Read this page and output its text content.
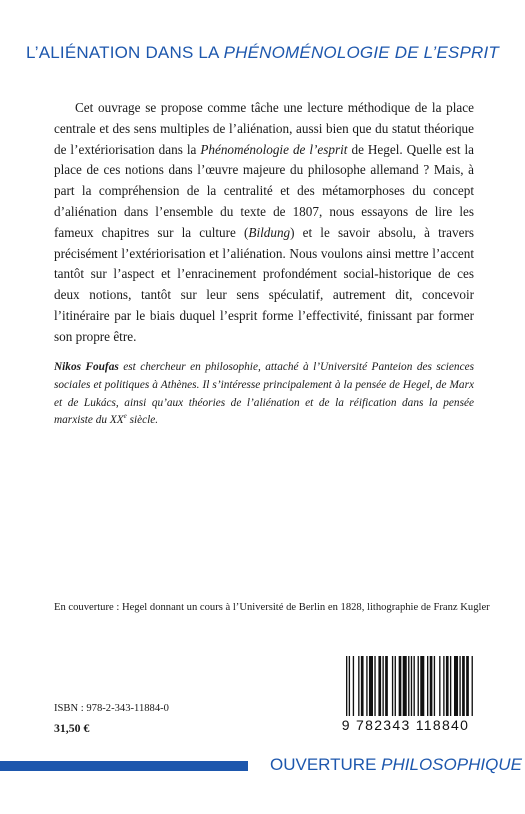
L’ALIÉNATION DANS LA PHÉNOMÉNOLOGIE DE L’ESPRIT

Cet ouvrage se propose comme tâche une lecture méthodique de la place centrale et des sens multiples de l’aliénation, aussi bien que du statut théorique de l’extériorisation dans la Phénoménologie de l’esprit de Hegel. Quelle est la place de ces notions dans l’œuvre majeure du philosophe allemand ? Mais, à part la compréhension de la centralité et des métamorphoses du concept d’aliénation dans l’ensemble du texte de 1807, nous essayons de lire les fameux chapitres sur la culture (Bildung) et le savoir absolu, à travers précisément l’extériorisation et l’aliénation. Nous voulons ainsi mettre l’accent tantôt sur l’aspect et l’enracinement profondément social-historique de ces deux notions, tantôt sur leur sens spéculatif, autrement dit, concevoir l’itinéraire par le biais duquel l’esprit forme l’effectivité, finissant par former son propre être.

Nikos Foufas est chercheur en philosophie, attaché à l’Université Panteion des sciences sociales et politiques à Athènes. Il s’intéresse principalement à la pensée de Hegel, de Marx et de Lukács, ainsi qu’aux théories de l’aliénation et de la réification dans la pensée marxiste du XXe siècle.

En couverture : Hegel donnant un cours à l’Université de Berlin en 1828, lithographie de Franz Kugler
9 782343 118840
ISBN : 978-2-343-11884-0
31,50 €
OUVERTURE PHILOSOPHIQUE
